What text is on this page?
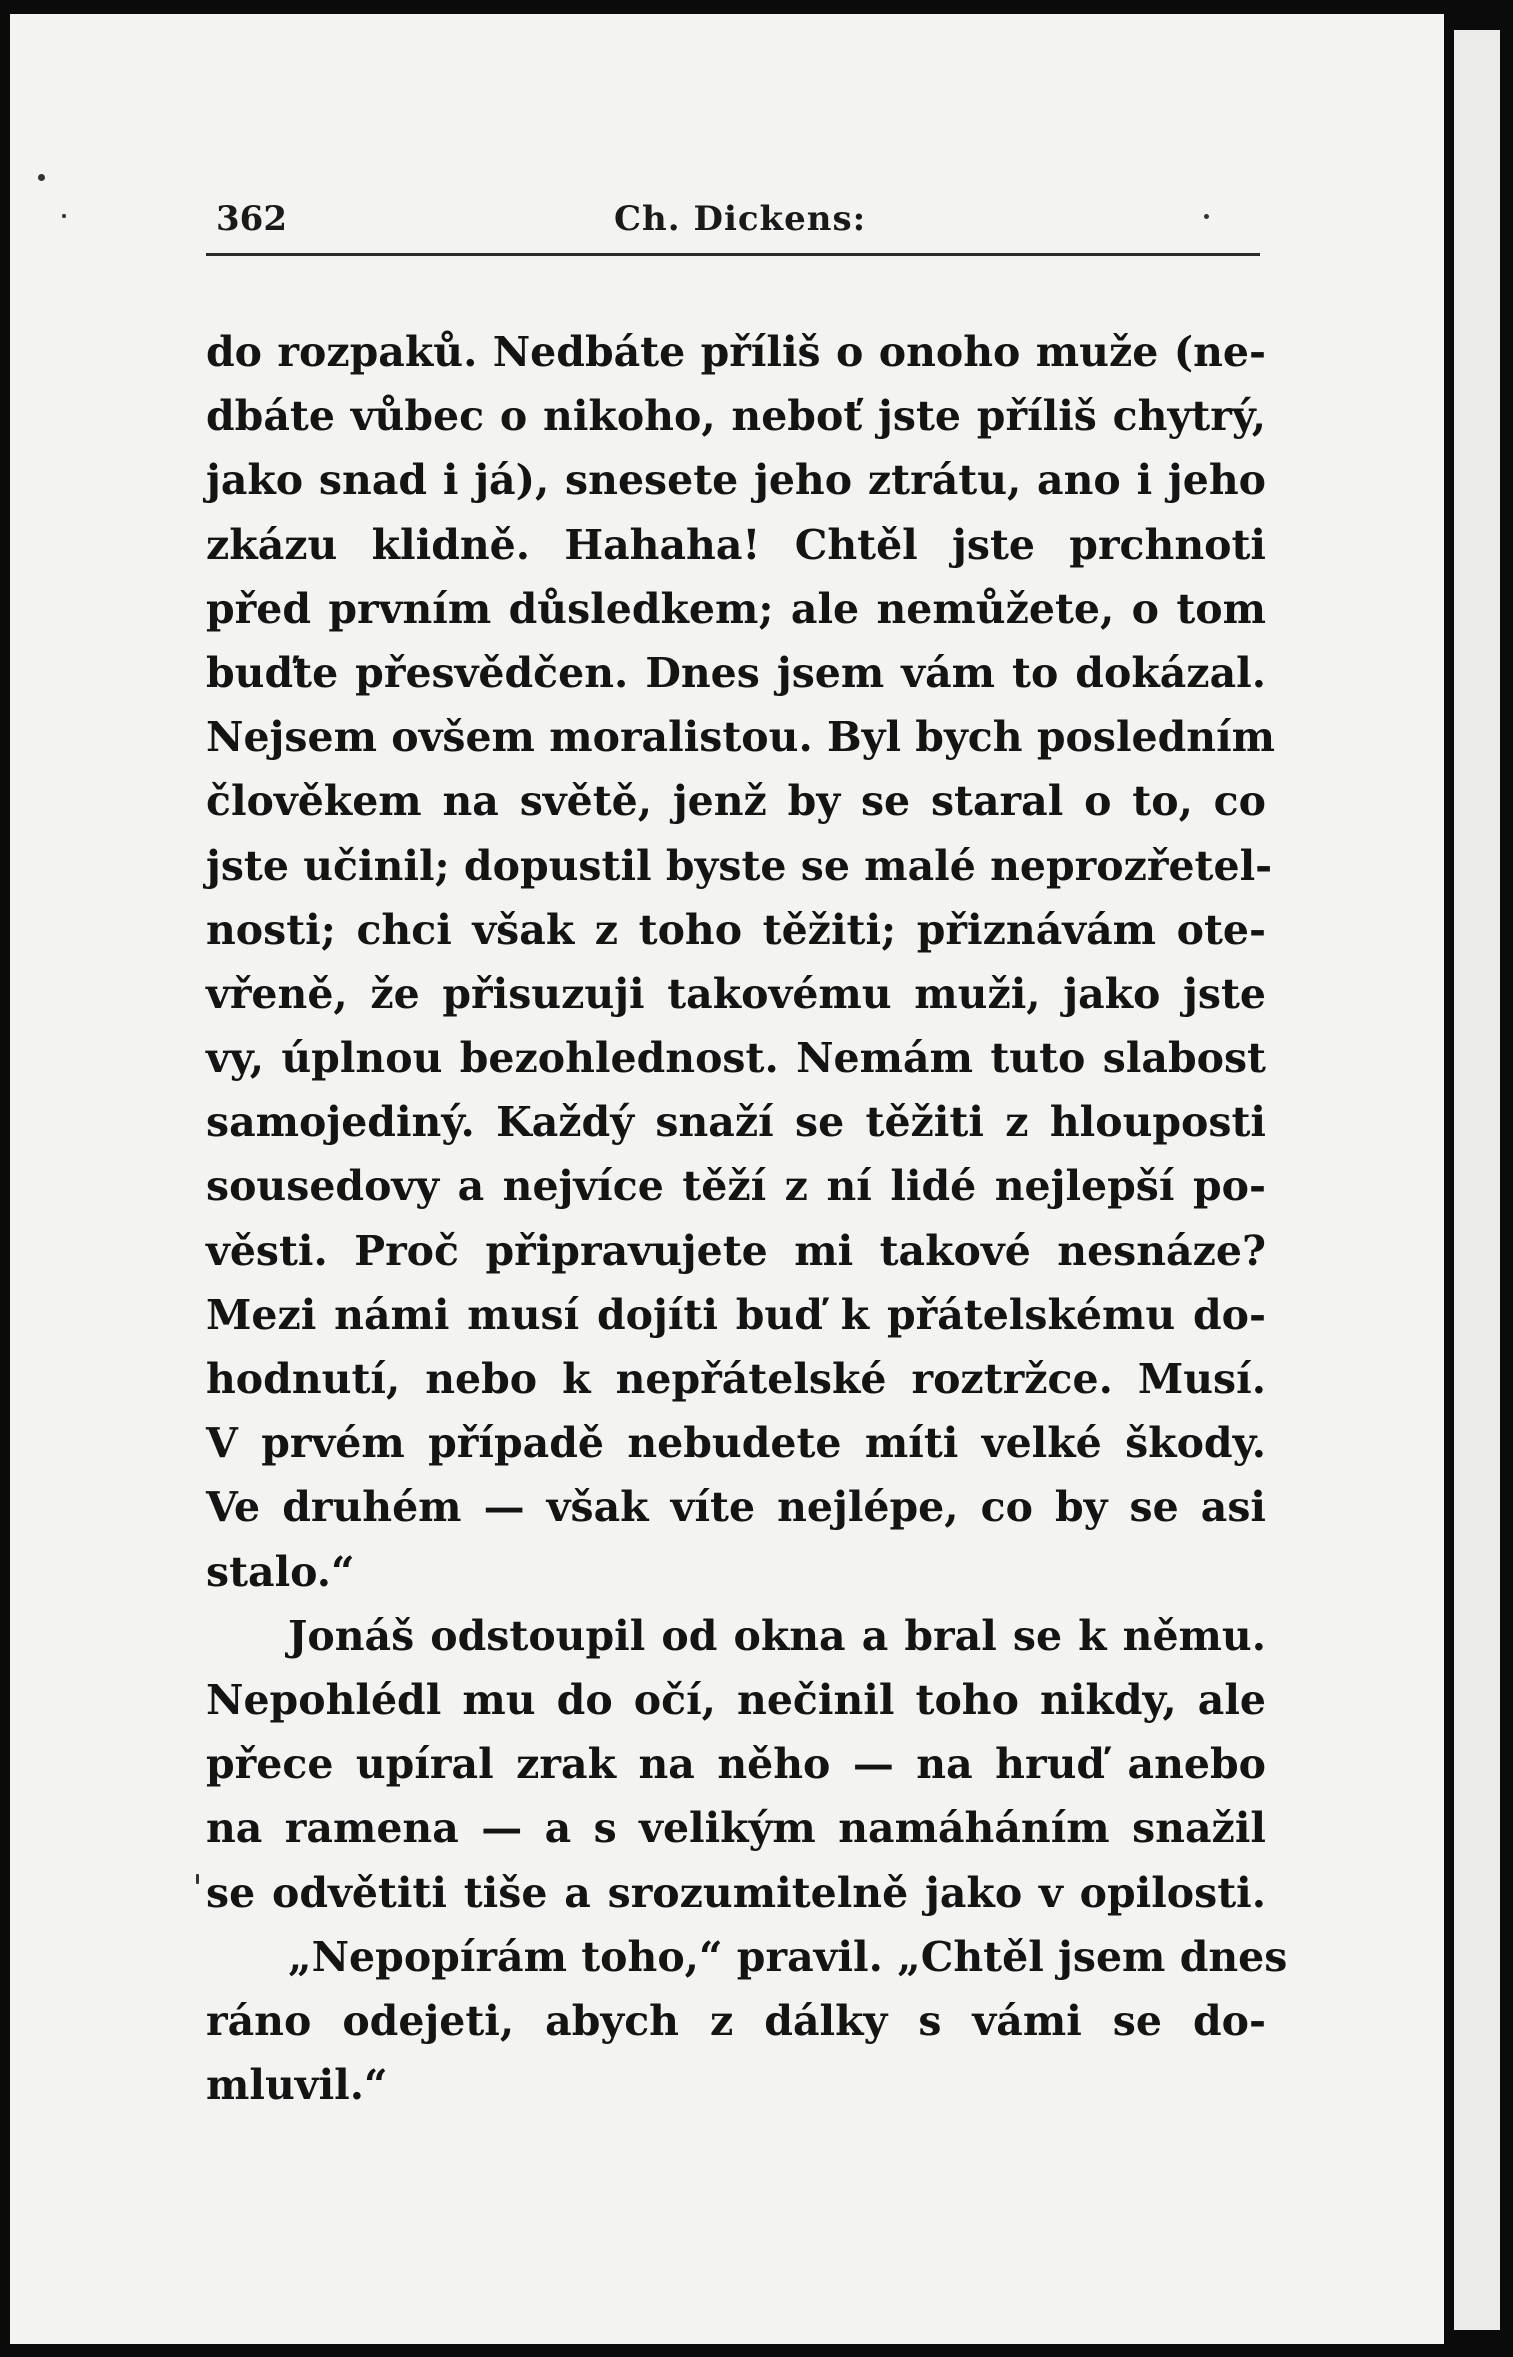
362	Ch. Dickens:
do rozpaků. Nedbáte příliš o onoho muže (ne-
dbáte vůbec o nikoho, neboť jste příliš chytrý,
jako snad i já), snesete jeho ztrátu, ano i jeho
zkázu klidně. Hahaha! Chtěl jste prchnoti
před prvním důsledkem; ale nemůžete, o tom
buďte přesvědčen. Dnes jsem vám to dokázal.
Nejsem ovšem moralistou. Byl bych posledním
člověkem na světě, jenž by se staral o to, co
jste učinil; dopustil byste se malé neprozřetel-
nosti; chci však z toho těžiti; přiznávám ote-
vřeně, že přisuzuji takovému muži, jako jste
vy, úplnou bezohlednost. Nemám tuto slabost
samojediný. Každý snaží se těžiti z hlouposti
sousedovy a nejvíce těží z ní lidé nejlepší po-
věsti. Proč připravujete mi takové nesnáze?
Mezi námi musí dojíti buď k přátelskému do-
hodnutí, nebo k nepřátelské roztržce. Musí.
V prvém případě nebudete míti velké škody.
Ve druhém — však víte nejlépe, co by se asi
stalo.“
Jonáš odstoupil od okna a bral se k němu.
Nepohlédl mu do očí, nečinil toho nikdy, ale
přece upíral zrak na něho — na hruď anebo
na ramena — a s velikým namáháním snažil
se odvětiti tiše a srozumitelně jako v opilosti.
„Nepopírám toho,“ pravil. „Chtěl jsem dnes
ráno odejeti, abych z dálky s vámi se do-
mluvil.“
